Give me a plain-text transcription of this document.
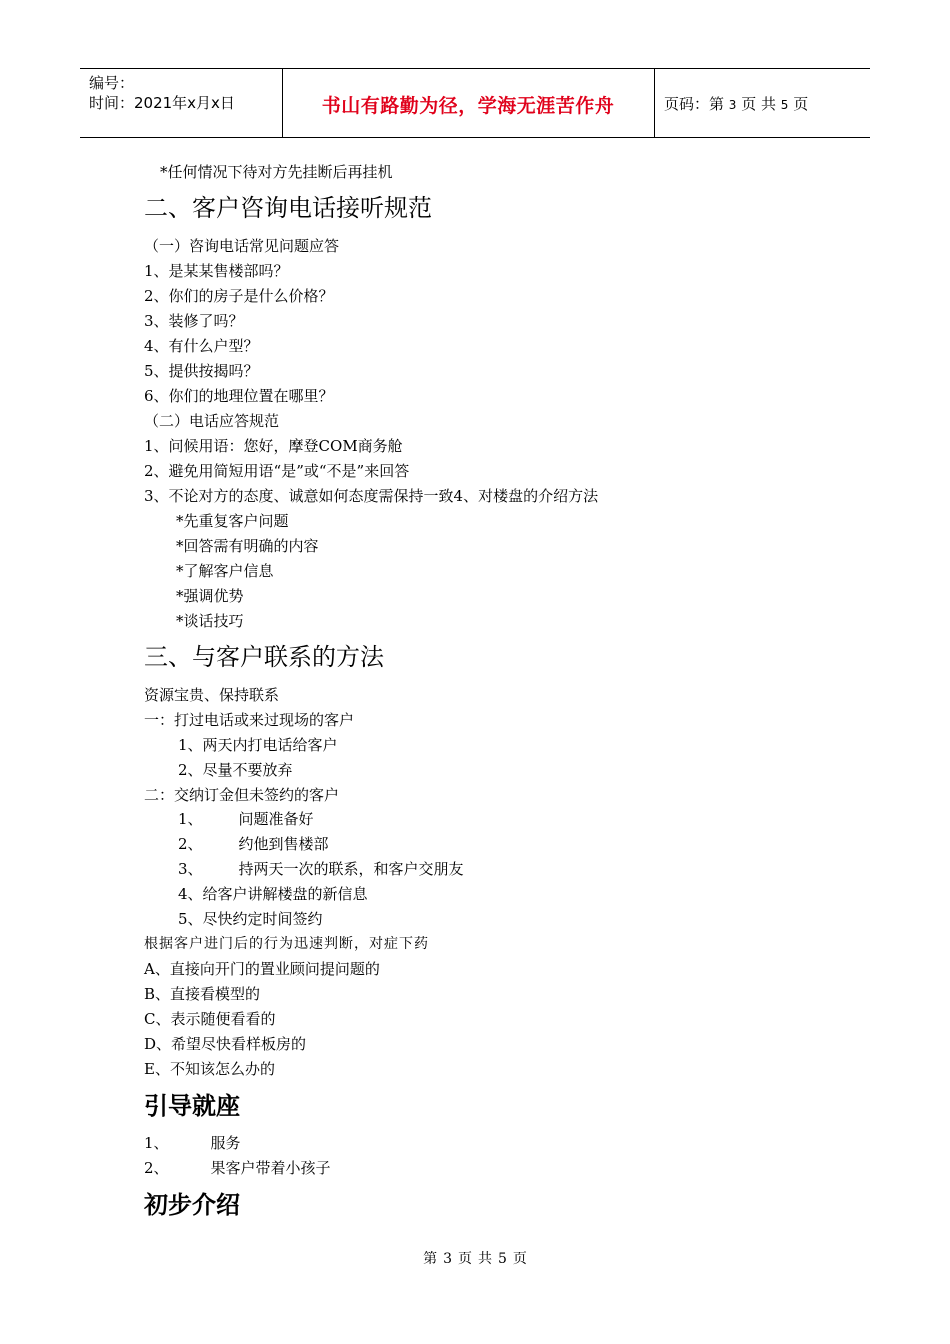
编号：
时间：2021年x月x日	书山有路勤为径，学海无涯苦作舟	页码：第 3 页 共 5 页
*任何情况下待对方先挂断后再挂机
二、客户咨询电话接听规范
（一）咨询电话常见问题应答
1、是某某售楼部吗？
2、你们的房子是什么价格？
3、装修了吗？
4、有什么户型？
5、提供按揭吗？
6、你们的地理位置在哪里？
（二）电话应答规范
1、问候用语：您好，摩登COM商务舱
2、避免用简短用语“是”或“不是”来回答
3、不论对方的态度、诚意如何态度需保持一致4、对楼盘的介绍方法
*先重复客户问题
*回答需有明确的内容
*了解客户信息
*强调优势
*谈话技巧
三、与客户联系的方法
资源宝贵、保持联系
一：打过电话或来过现场的客户
1、两天内打电话给客户
2、尽量不要放弃
二：交纳订金但未签约的客户
1、 问题准备好
2、 约他到售楼部
3、 持两天一次的联系，和客户交朋友
4、给客户讲解楼盘的新信息
5、尽快约定时间签约
根据客户进门后的行为迅速判断，对症下药
A、直接向开门的置业顾问提问题的
B、直接看模型的
C、表示随便看看的
D、希望尽快看样板房的
E、不知该怎么办的
引导就座
1、	服务
2、	果客户带着小孩子
初步介绍
第 3 页 共 5 页
